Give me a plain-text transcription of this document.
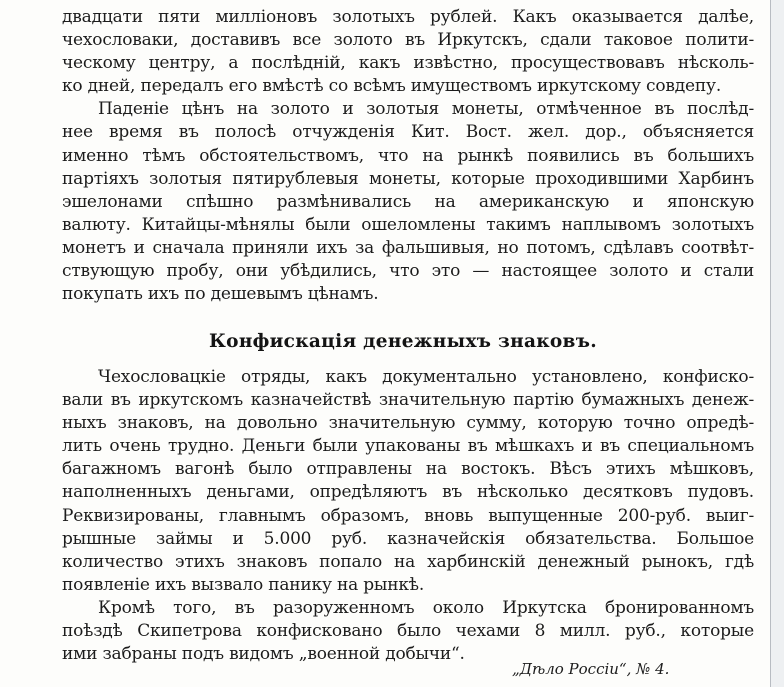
двадцати пяти милліоновъ золотыхъ рублей. Какъ оказывается далѣе,
чехословаки, доставивъ все золото въ Иркутскъ, сдали таковое полити-
ческому центру, а послѣдній, какъ извѣстно, просуществовавъ нѣсколь-
ко дней, передалъ его вмѣстѣ со всѣмъ имуществомъ иркутскому совдепу.
Паденіе цѣнъ на золото и золотыя монеты, отмѣченное въ послѣд-
нее время въ полосѣ отчужденія Кит. Вост. жел. дор., объясняется
именно тѣмъ обстоятельствомъ, что на рынкѣ появились въ большихъ
партіяхъ золотыя пятирублевыя монеты, которые проходившими Харбинъ
эшелонами спѣшно размѣнивались на американскую и японскую
валюту. Китайцы-мѣнялы были ошеломлены такимъ наплывомъ золотыхъ
монетъ и сначала приняли ихъ за фальшивыя, но потомъ, сдѣлавъ соотвѣт-
ствующую пробу, они убѣдились, что это — настоящее золото и стали
покупать ихъ по дешевымъ цѣнамъ.
Конфискація денежныхъ знаковъ.
Чехословацкіе отряды, какъ документально установлено, конфиско-
вали въ иркутскомъ казначействѣ значительную партію бумажныхъ денеж-
ныхъ знаковъ, на довольно значительную сумму, которую точно опредѣ-
лить очень трудно. Деньги были упакованы въ мѣшкахъ и въ специальномъ
багажномъ вагонѣ было отправлены на востокъ. Вѣсъ этихъ мѣшковъ,
наполненныхъ деньгами, опредѣляютъ въ нѣсколько десятковъ пудовъ.
Реквизированы, главнымъ образомъ, вновь выпущенные 200-руб. выиг-
рышные займы и 5.000 руб. казначейскія обязательства. Большое
количество этихъ знаковъ попало на харбинскій денежный рынокъ, гдѣ
появленіе ихъ вызвало панику на рынкѣ.
Кромѣ того, въ разоруженномъ около Иркутска бронированномъ
поѣздѣ Скипетрова конфисковано было чехами 8 милл. руб., которые
ими забраны подъ видомъ „военной добычи“.
„Дѣло Россіи“, № 4.
